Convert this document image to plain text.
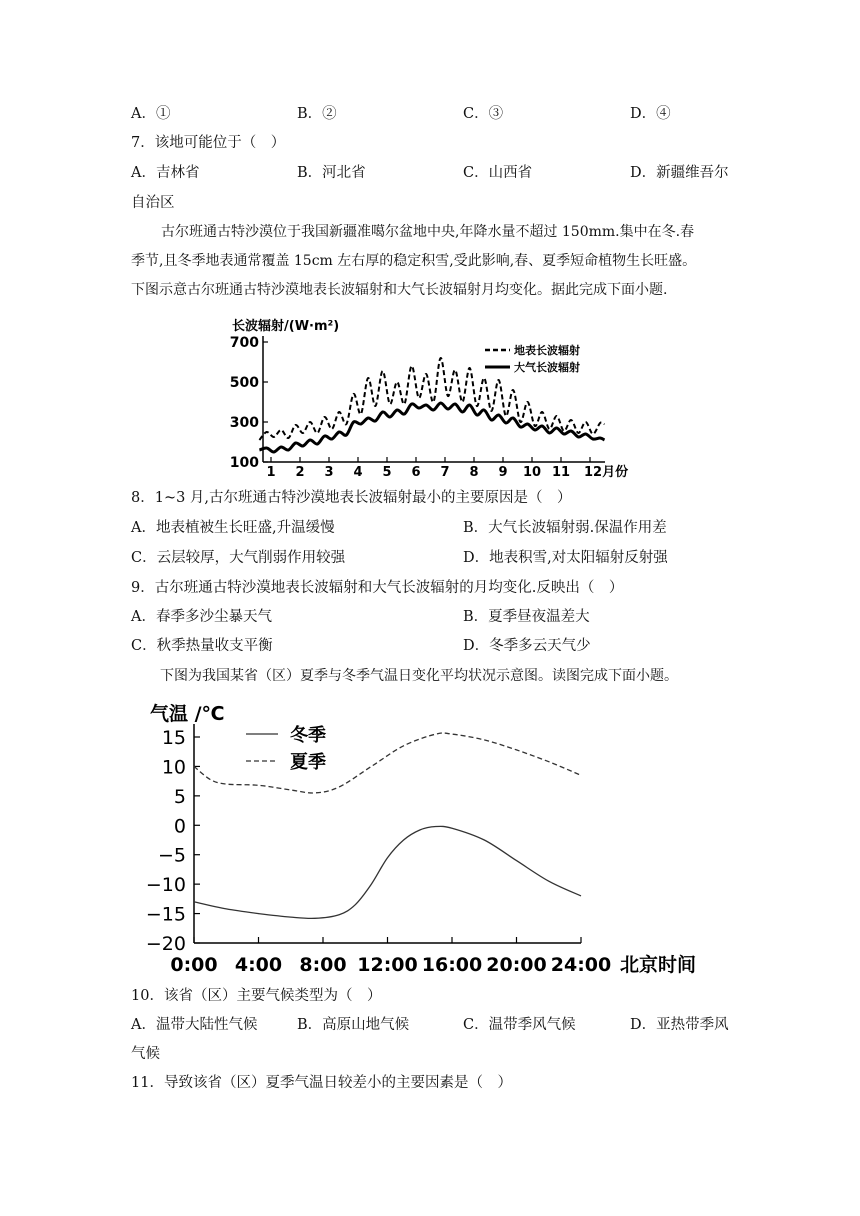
A．①	B．②	C．③	D．④
7．该地可能位于（　）
A．吉林省	B．河北省	C．山西省	D．新疆维吾尔
自治区
古尔班通古特沙漠位于我国新疆准噶尔盆地中央,年降水量不超过 150mm.集中在冬.春
季节,且冬季地表通常覆盖 15cm 左右厚的稳定积雪,受此影响,春、夏季短命植物生长旺盛。
下图示意古尔班通古特沙漠地表长波辐射和大气长波辐射月均变化。据此完成下面小题.
长波辐射/(W·m²)
700
500
300
100
1 2 3 4 5 6 7 8 9 10 11 12月份
地表长波辐射
大气长波辐射
8．1~3 月,古尔班通古特沙漠地表长波辐射最小的主要原因是（　）
A．地表植被生长旺盛,升温缓慢	B．大气长波辐射弱.保温作用差
C．云层较厚，大气削弱作用较强	D．地表积雪,对太阳辐射反射强
9．古尔班通古特沙漠地表长波辐射和大气长波辐射的月均变化.反映出（　）
A．春季多沙尘暴天气	B．夏季昼夜温差大
C．秋季热量收支平衡	D．冬季多云天气少
下图为我国某省（区）夏季与冬季气温日变化平均状况示意图。读图完成下面小题。
气温 /℃
15
10
5
0
−5
−10
−15
−20
0:00 4:00 8:00 12:00 16:00 20:00 24:00
冬季
夏季
北京时间
10．该省（区）主要气候类型为（　）
A．温带大陆性气候	B．高原山地气候	C．温带季风气候	D．亚热带季风
气候
11．导致该省（区）夏季气温日较差小的主要因素是（　）
